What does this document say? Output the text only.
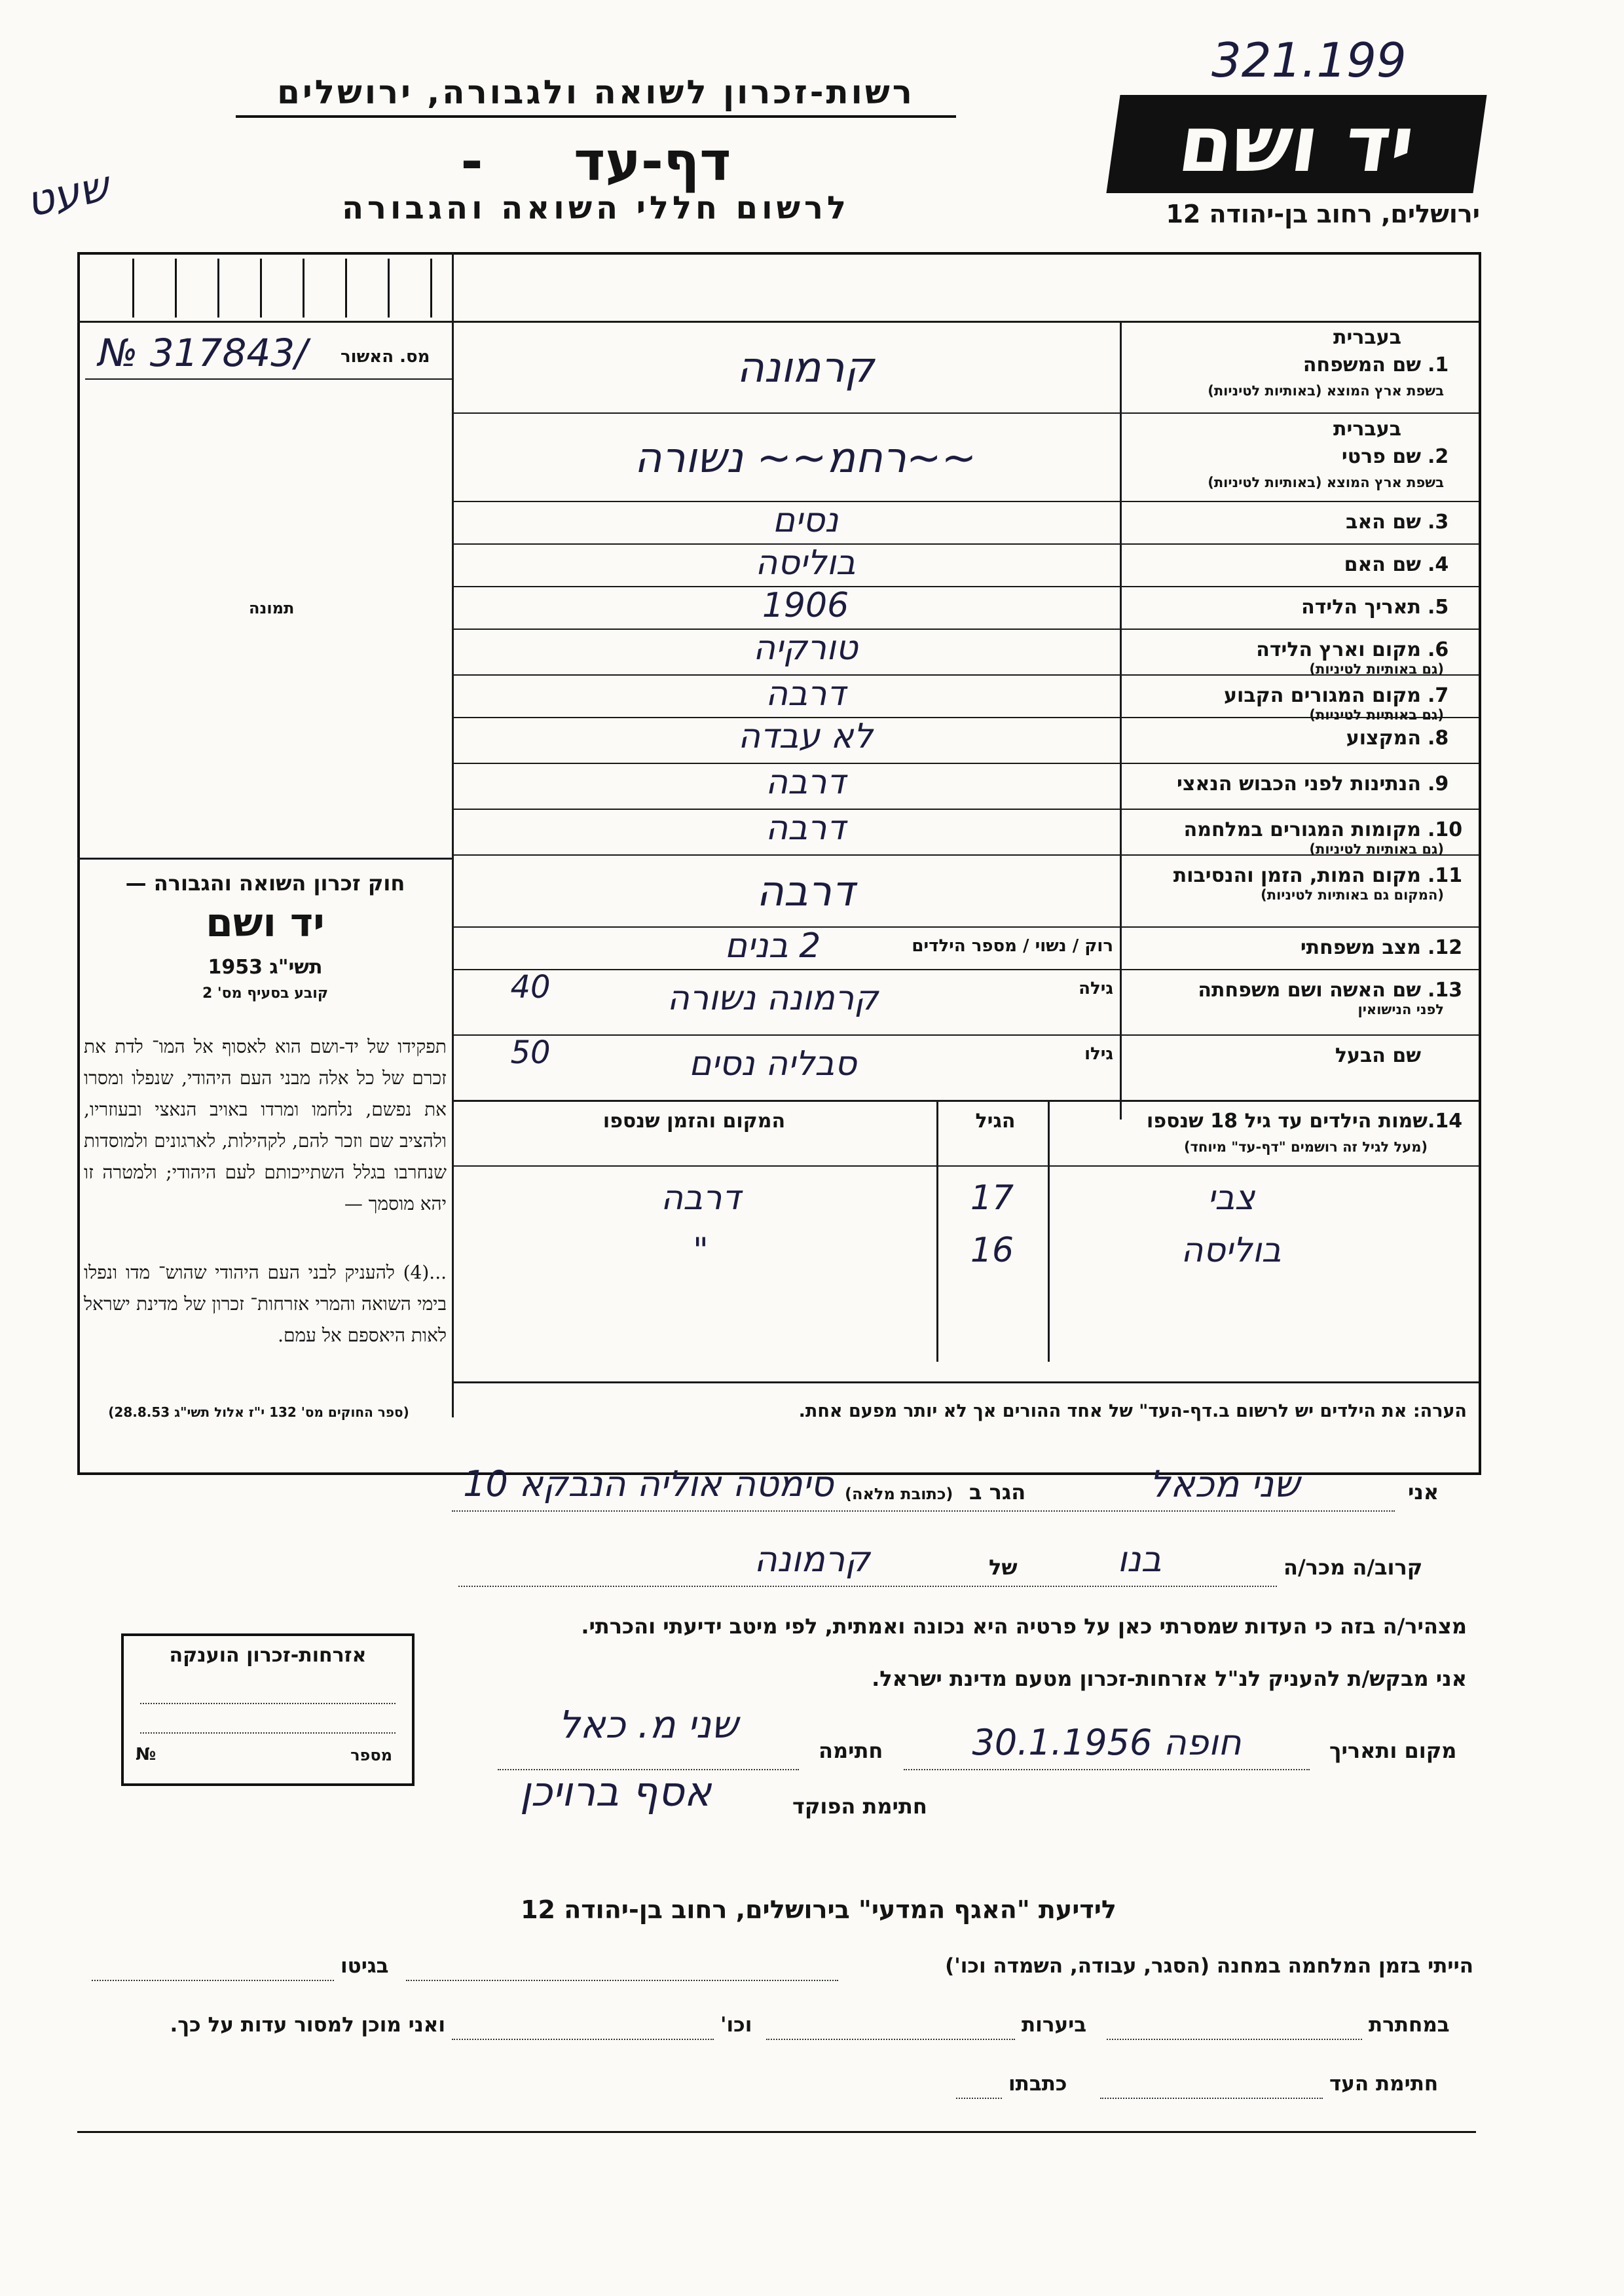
321.199
שעט
רשות-זכרון לשואה ולגבורה, ירושלים
דף-עד -
לרשום חללי השואה והגבורה
יד ושם
ירושלים, רחוב בן-יהודה 12
מס. האשור
№ 317843/
תמונה
1.
בעברית
שם המשפחה
בשפת ארץ המוצא (באותיות לטיניות)
קרמונה
2.
בעברית
שם פרטי
בשפת ארץ המוצא (באותיות לטיניות)
~~רחמ~~ נשורה
3.
שם האב
נסים
4.
שם האם
בוליסה
5.
תאריך הלידה
1906
6.
מקום וארץ הלידה
(גם באותיות לטיניות)
טורקיה
7.
מקום המגורים הקבוע
(גם באותיות לטיניות)
דרבה
8.
המקצוע
לא עבדה
9.
הנתינות לפני הכבוש הנאצי
דרבה
10.
מקומות המגורים במלחמה
(גם באותיות לטיניות)
דרבה
11.
מקום המות, הזמן והנסיבות
(המקום גם באותיות לטיניות)
דרבה
12.
מצב משפחתי
רוק / נשוי / מספר הילדים
2 בנים
13.
שם האשה ושם משפחתה
לפני הנישואין
גילה
40	קרמונה נשורה
שם הבעל
גילו
50	סבליה נסים
14.
שמות הילדים עד גיל 18 שנספו
(מעל לגיל זה רושמים "דף-עד" מיוחד)
הגיל
המקום והזמן שנספו
צבי
17
דרבה
בוליסה
16
"
הערה: את הילדים יש לרשום ב.דף-העד" של אחד ההורים אך לא יותר מפעם אחת.
חוק זכרון השואה והגבורה —
יד ושם
תשי"ג 1953
קובע בסעיף מס' 2
תפקידו של יד-ושם הוא לאסוף אל המו־ לדת את זכרם של כל אלה מבני העם היהודי, שנפלו ומסרו את נפשם, נלחמו ומרדו באויב הנאצי ובעוזריו, ולהציב שם וזכר להם, לקהילות, לארגונים ולמוסדות שנחרבו בגלל השתייכותם לעם היהודי; ולמטרה זו יהא מוסמך —
...(4) להעניק לבני העם היהודי שהוש־ מדו ונפלו בימי השואה והמרי אזרחות־ זכרון של מדינת ישראל לאות היאספם אל עמם.
(ספר החוקים מס' 132 י"ז אלול תשי"ג 28.8.53)
אני
שני מכאל
הגר ב
(כתובת מלאה)
סימטה אוליה הנבקא 10
קרוב/ה מכר/ה
בנו
של
קרמונה
מצהיר/ה בזה כי העדות שמסרתי כאן על פרטיה היא נכונה ואמתית, לפי מיטב ידיעתי והכרתי.
אני מבקש/ת להעניק לנ"ל אזרחות-זכרון מטעם מדינת ישראל.
מקום ותאריך
חופה 30.1.1956
חתימה
שני מ. כאל
חתימת הפוקד
אסף ברויכן
אזרחות-זכרון הוענקה
מספר
№
לידיעת "האגף המדעי" בירושלים, רחוב בן-יהודה 12
הייתי בזמן המלחמה במחנה (הסגר, עבודה, השמדה וכו')
בגיטו
במחתרת
ביערות
וכו'
ואני מוכן למסור עדות על כך.
חתימת העד
כתבתו
